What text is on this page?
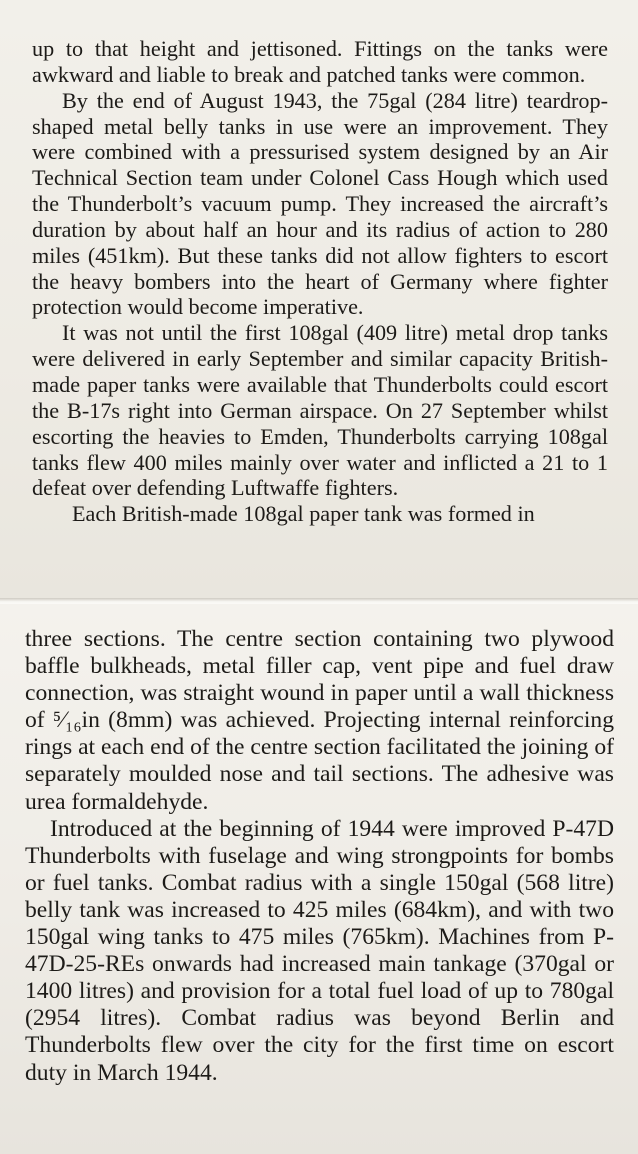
up to that height and jettisoned. Fittings on the tanks were awkward and liable to break and patched tanks were common.

By the end of August 1943, the 75gal (284 litre) teardrop-shaped metal belly tanks in use were an improvement. They were combined with a pressurised system designed by an Air Technical Section team under Colonel Cass Hough which used the Thunderbolt’s vacuum pump. They increased the aircraft’s duration by about half an hour and its radius of action to 280 miles (451km). But these tanks did not allow fighters to escort the heavy bombers into the heart of Germany where fighter protection would become imperative.

It was not until the first 108gal (409 litre) metal drop tanks were delivered in early September and similar capacity British-made paper tanks were available that Thunderbolts could escort the B-17s right into German airspace. On 27 September whilst escorting the heavies to Emden, Thunderbolts carrying 108gal tanks flew 400 miles mainly over water and inflicted a 21 to 1 defeat over defending Luftwaffe fighters.

Each British-made 108gal paper tank was formed in

three sections. The centre section containing two plywood baffle bulkheads, metal filler cap, vent pipe and fuel draw connection, was straight wound in paper until a wall thickness of ⁵⁄₁₆in (8mm) was achieved. Projecting internal reinforcing rings at each end of the centre section facilitated the joining of separately moulded nose and tail sections. The adhesive was urea formaldehyde.

Introduced at the beginning of 1944 were improved P-47D Thunderbolts with fuselage and wing strongpoints for bombs or fuel tanks. Combat radius with a single 150gal (568 litre) belly tank was increased to 425 miles (684km), and with two 150gal wing tanks to 475 miles (765km). Machines from P-47D-25-REs onwards had increased main tankage (370gal or 1400 litres) and provision for a total fuel load of up to 780gal (2954 litres). Combat radius was beyond Berlin and Thunderbolts flew over the city for the first time on escort duty in March 1944.
